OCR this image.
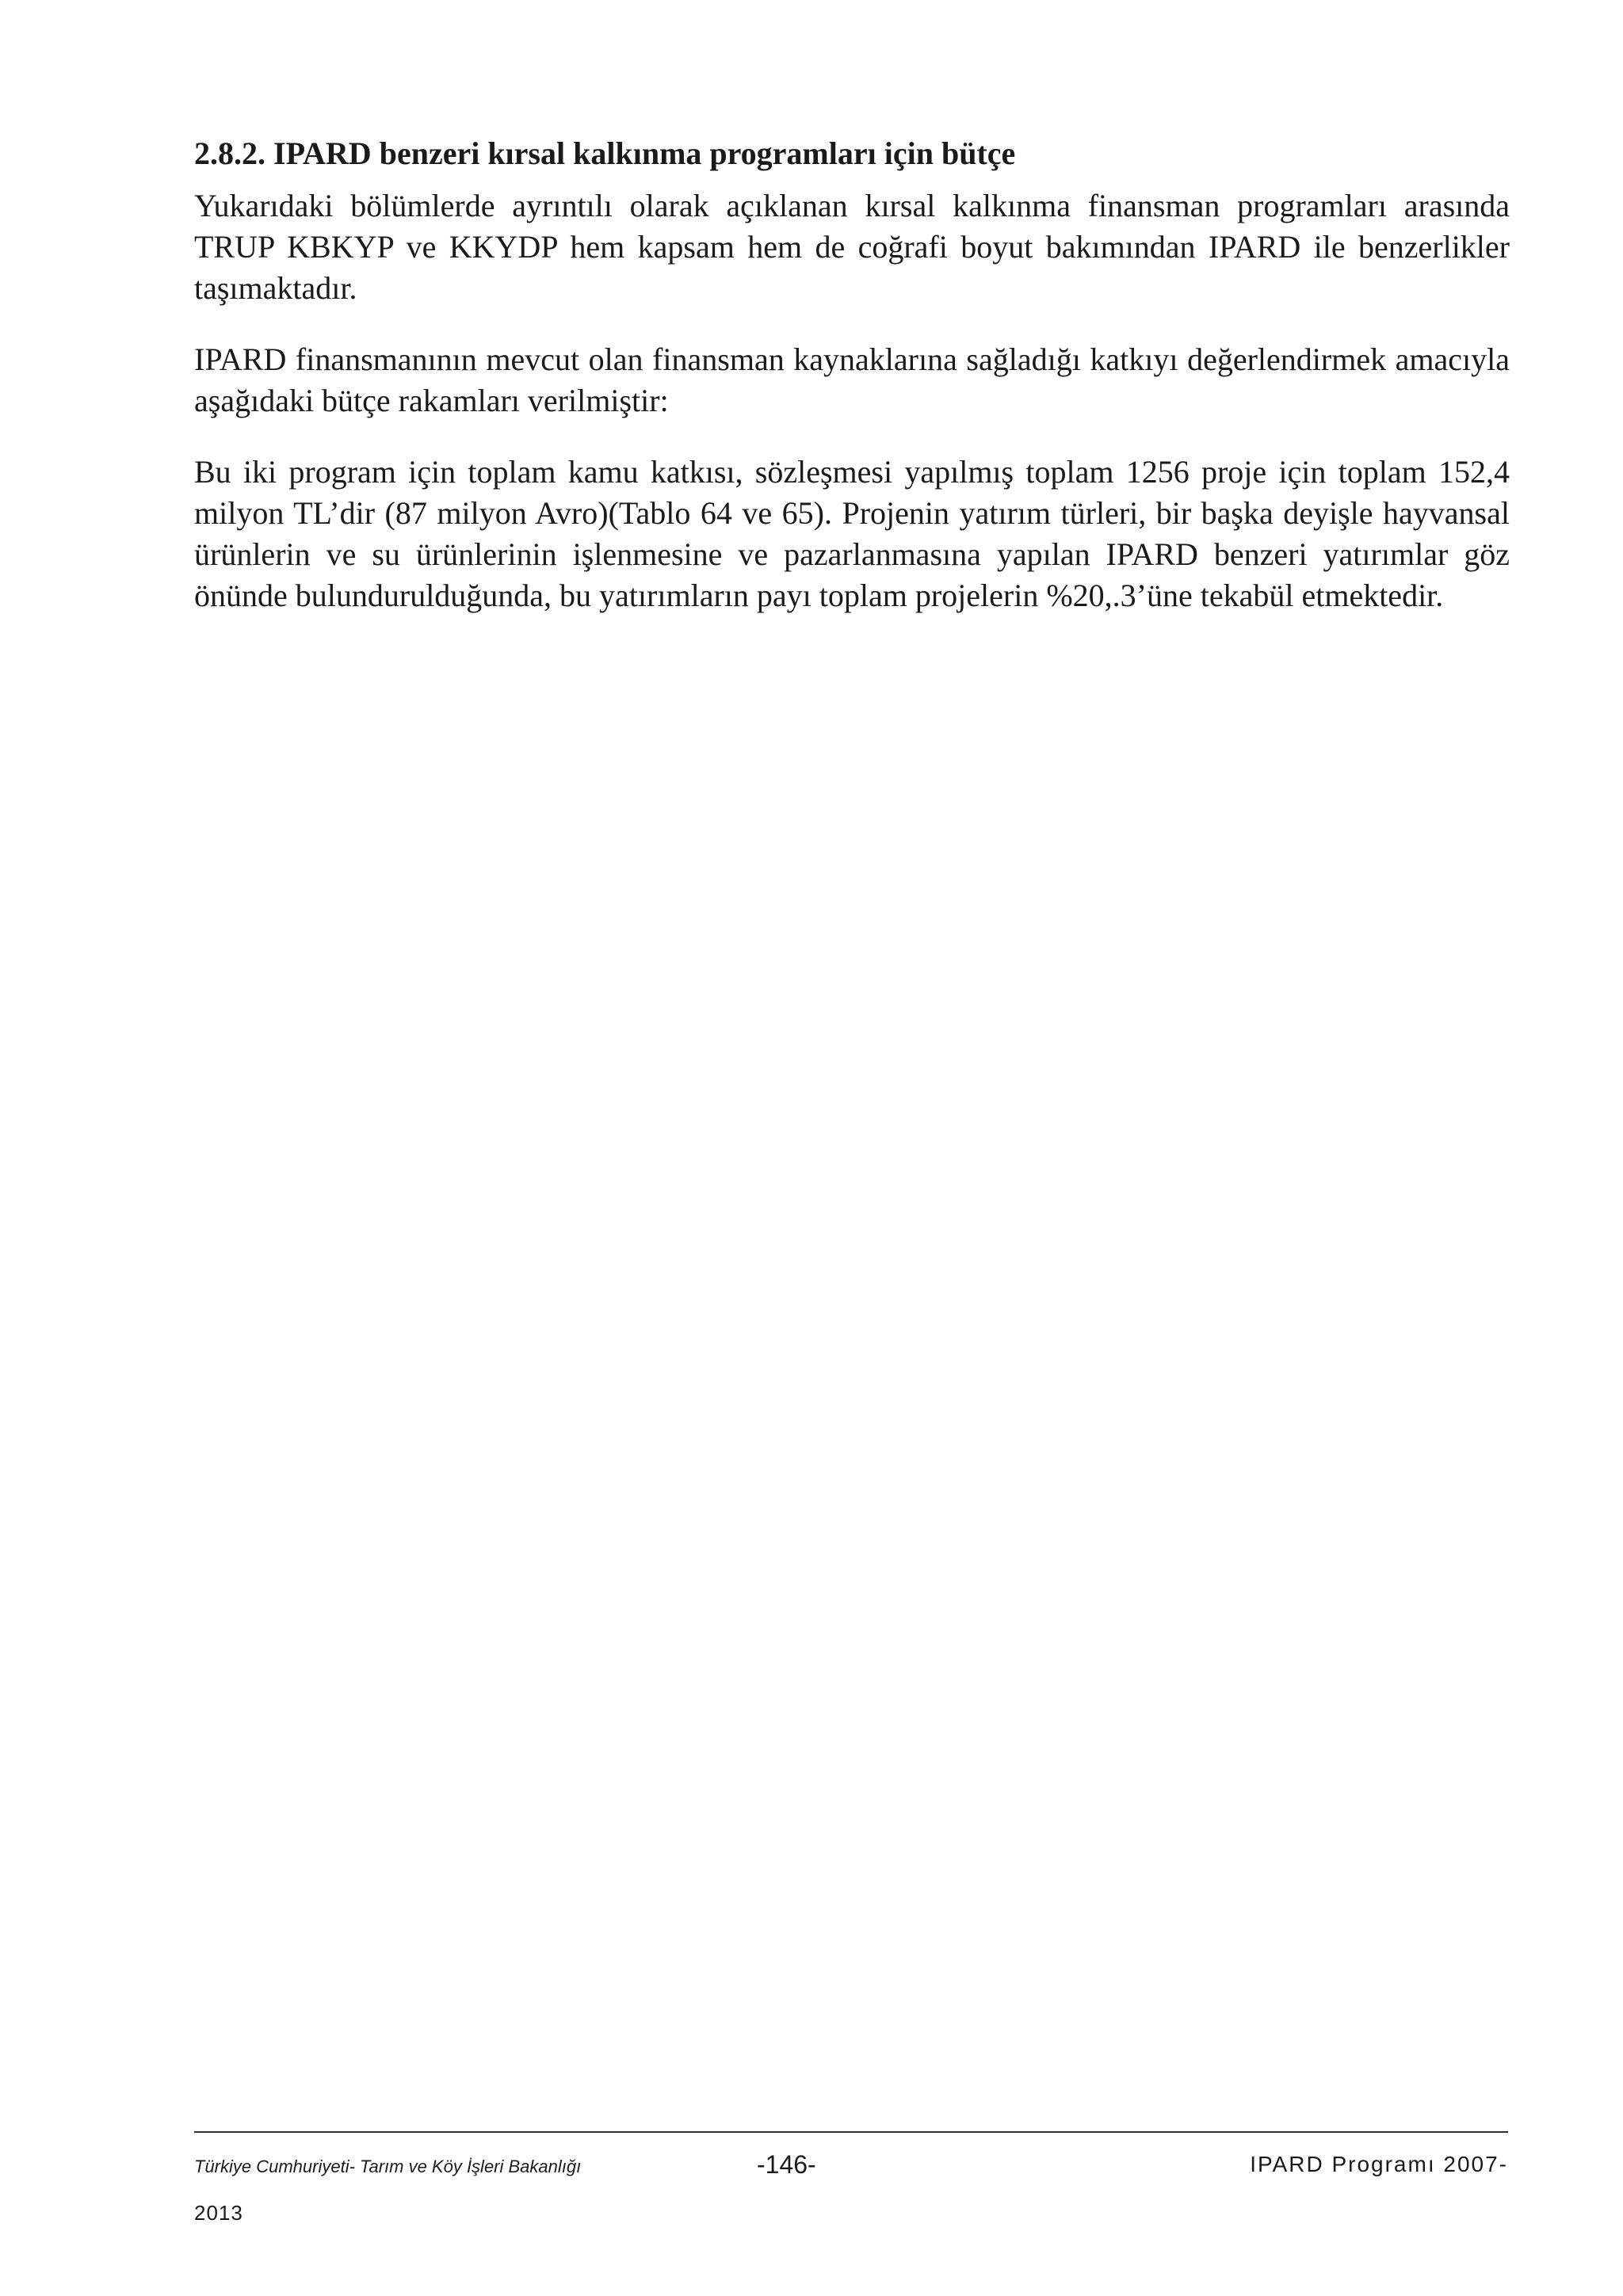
2.8.2. IPARD benzeri kırsal kalkınma programları için bütçe

Yukarıdaki bölümlerde ayrıntılı olarak açıklanan kırsal kalkınma finansman programları arasında TRUP KBKYP ve KKYDP hem kapsam hem de coğrafi boyut bakımından IPARD ile benzerlikler taşımaktadır.

IPARD finansmanının mevcut olan finansman kaynaklarına sağladığı katkıyı değerlendirmek amacıyla aşağıdaki bütçe rakamları verilmiştir:

Bu iki program için toplam kamu katkısı, sözleşmesi yapılmış toplam 1256 proje için toplam 152,4 milyon TL’dir (87 milyon Avro)(Tablo 64 ve 65). Projenin yatırım türleri, bir başka deyişle hayvansal ürünlerin ve su ürünlerinin işlenmesine ve pazarlanmasına yapılan IPARD benzeri yatırımlar göz önünde bulundurulduğunda, bu yatırımların payı toplam projelerin %20,.3’üne tekabül etmektedir.

Türkiye Cumhuriyeti- Tarım ve Köy İşleri Bakanlığı	-146-	IPARD Programı 2007-
2013
